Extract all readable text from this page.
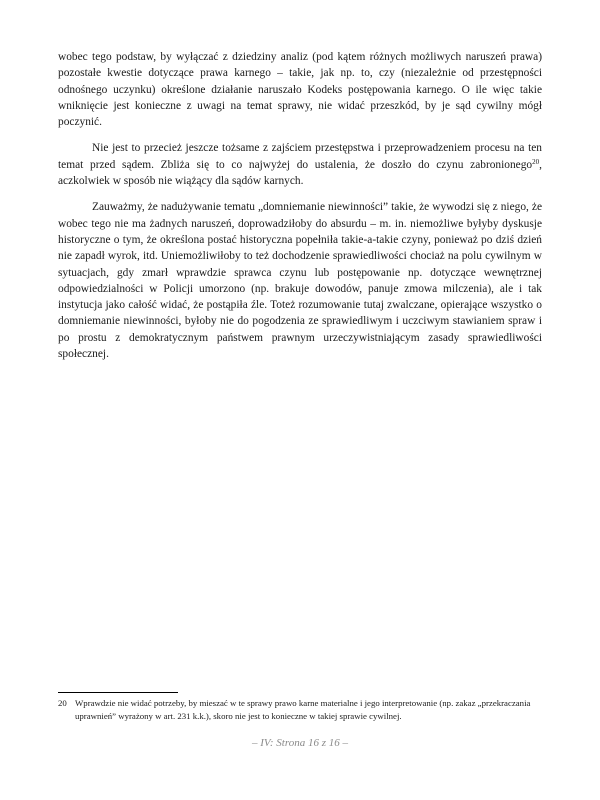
wobec tego podstaw, by wyłączać z dziedziny analiz (pod kątem różnych możliwych naruszeń prawa) pozostałe kwestie dotyczące prawa karnego – takie, jak np. to, czy (niezależnie od przestępności odnośnego uczynku) określone działanie naruszało Kodeks postępowania karnego. O ile więc takie wniknięcie jest konieczne z uwagi na temat sprawy, nie widać przeszkód, by je sąd cywilny mógł poczynić.

Nie jest to przecież jeszcze tożsame z zajściem przestępstwa i przeprowadzeniem procesu na ten temat przed sądem. Zbliża się to co najwyżej do ustalenia, że doszło do czynu zabronionego$^{20}$, aczkolwiek w sposób nie wiążący dla sądów karnych.

Zauważmy, że nadużywanie tematu „domniemanie niewinności” takie, że wywodzi się z niego, że wobec tego nie ma żadnych naruszeń, doprowadziłoby do absurdu – m. in. niemożliwe byłyby dyskusje historyczne o tym, że określona postać historyczna popełniła takie-a-takie czyny, ponieważ po dziś dzień nie zapadł wyrok, itd. Uniemożliwiłoby to też dochodzenie sprawiedliwości chociaż na polu cywilnym w sytuacjach, gdy zmarł wprawdzie sprawca czynu lub postępowanie np. dotyczące wewnętrznej odpowiedzialności w Policji umorzono (np. brakuje dowodów, panuje zmowa milczenia), ale i tak instytucja jako całość widać, że postąpiła źle. Toteż rozumowanie tutaj zwalczane, opierające wszystko o domniemanie niewinności, byłoby nie do pogodzenia ze sprawiedliwym i uczciwym stawianiem spraw i po prostu z demokratycznym państwem prawnym urzeczywistniającym zasady sprawiedliwości społecznej.

20 Wprawdzie nie widać potrzeby, by mieszać w te sprawy prawo karne materialne i jego interpretowanie (np. zakaz „przekraczania uprawnień” wyrażony w art. 231 k.k.), skoro nie jest to konieczne w takiej sprawie cywilnej.
– IV: Strona 16 z 16 –
